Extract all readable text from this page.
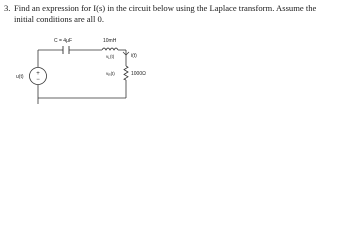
3. Find an expression for I(s) in the circuit below using the Laplace transform. Assume the
initial conditions are all 0.
+
−
C = 4μF	10mH
$v_L(t)$	i(t)
$v_R(t)$	1000Ω
u(t)
